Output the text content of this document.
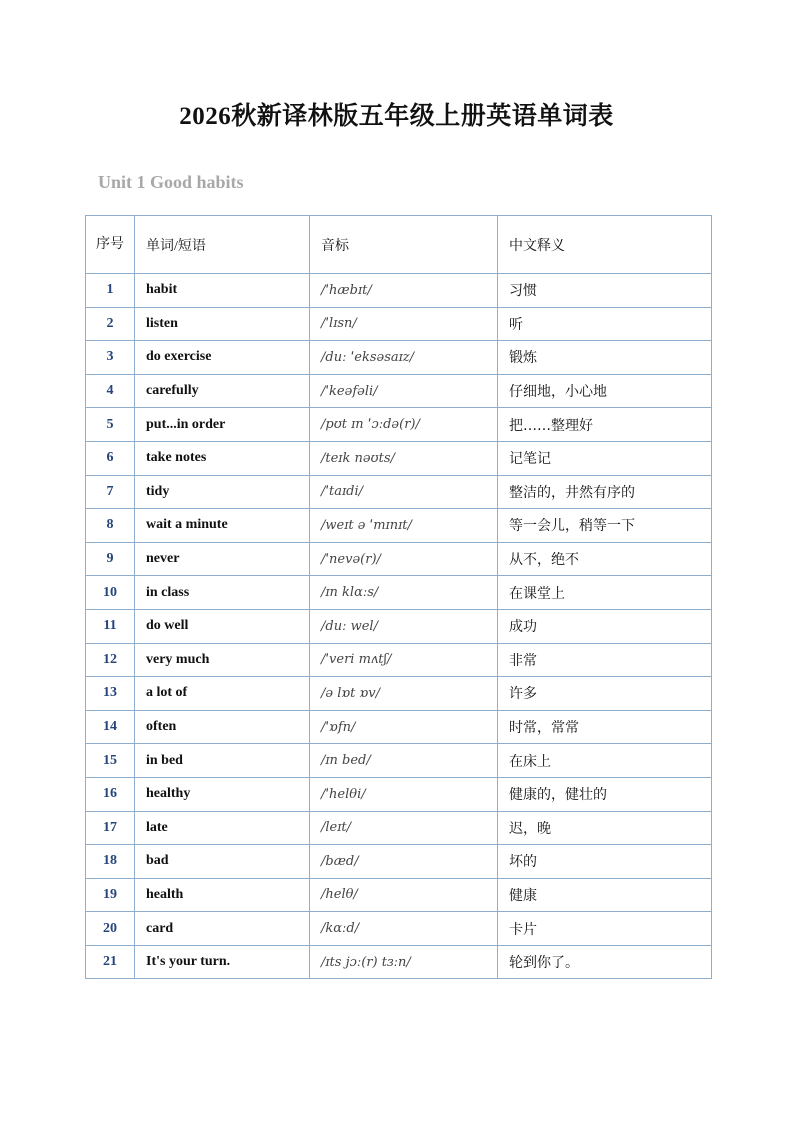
2026秋新译林版五年级上册英语单词表
Unit 1 Good habits
序号	单词/短语	音标	中文释义
1	habit	/ˈhæbɪt/	习惯
2	listen	/ˈlɪsn/	听
3	do exercise	/duː ˈeksəsaɪz/	锻炼
4	carefully	/ˈkeəfəli/	仔细地，小心地
5	put...in order	/pʊt ɪn ˈɔːdə(r)/	把……整理好
6	take notes	/teɪk nəʊts/	记笔记
7	tidy	/ˈtaɪdi/	整洁的，井然有序的
8	wait a minute	/weɪt ə ˈmɪnɪt/	等一会儿，稍等一下
9	never	/ˈnevə(r)/	从不，绝不
10	in class	/ɪn klɑːs/	在课堂上
11	do well	/duː wel/	成功
12	very much	/ˈveri mʌtʃ/	非常
13	a lot of	/ə lɒt ɒv/	许多
14	often	/ˈɒfn/	时常，常常
15	in bed	/ɪn bed/	在床上
16	healthy	/ˈhelθi/	健康的，健壮的
17	late	/leɪt/	迟，晚
18	bad	/bæd/	坏的
19	health	/helθ/	健康
20	card	/kɑːd/	卡片
21	It's your turn.	/ɪts jɔː(r) tɜːn/	轮到你了。
